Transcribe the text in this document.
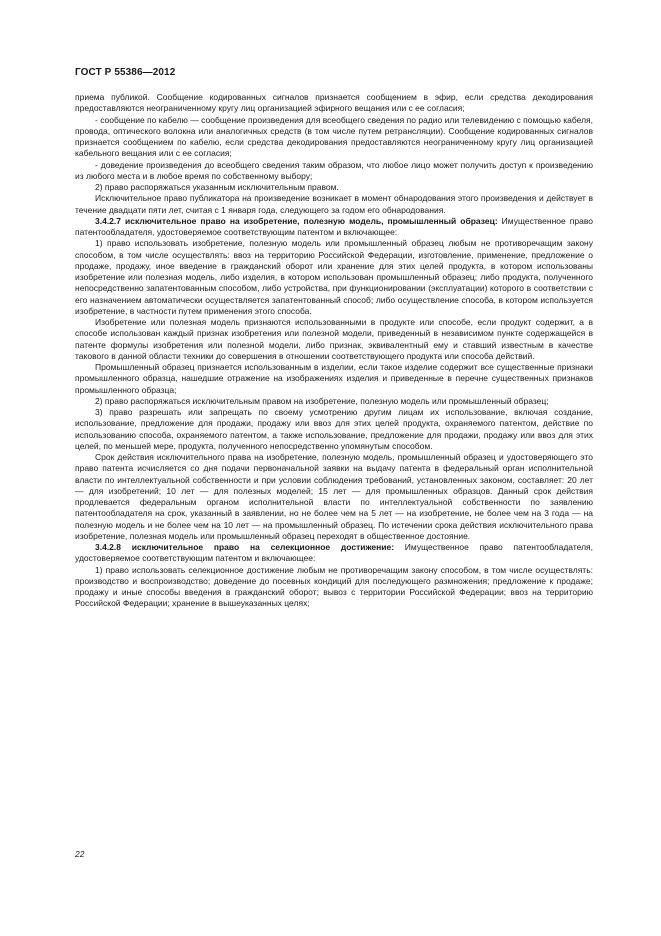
ГОСТ Р 55386—2012

приема публикой. Сообщение кодированных сигналов признается сообщением в эфир, если средства декодирования предоставляются неограниченному кругу лиц организацией эфирного вещания или с ее согласия;

- сообщение по кабелю — сообщение произведения для всеобщего сведения по радио или телевидению с помощью кабеля, провода, оптического волокна или аналогичных средств (в том числе путем ретрансляции). Сообщение кодированных сигналов признается сообщением по кабелю, если средства декодирования предоставляются неограниченному кругу лиц организацией кабельного вещания или с ее согласия;

- доведение произведения до всеобщего сведения таким образом, что любое лицо может получить доступ к произведению из любого места и в любое время по собственному выбору;

2) право распоряжаться указанным исключительным правом.

Исключительное право публикатора на произведение возникает в момент обнародования этого произведения и действует в течение двадцати пяти лет, считая с 1 января года, следующего за годом его обнародования.

3.4.2.7 исключительное право на изобретение, полезную модель, промышленный образец: Имущественное право патентообладателя, удостоверяемое соответствующим патентом и включающее:

1) право использовать изобретение, полезную модель или промышленный образец любым не противоречащим закону способом, в том числе осуществлять: ввоз на территорию Российской Федерации, изготовление, применение, предложение о продаже, продажу, иное введение в гражданский оборот или хранение для этих целей продукта, в котором использованы изобретение или полезная модель, либо изделия, в котором использован промышленный образец; либо продукта, полученного непосредственно запатентованным способом, либо устройства, при функционировании (эксплуатации) которого в соответствии с его назначением автоматически осуществляется запатентованный способ; либо осуществление способа, в котором используется изобретение, в частности путем применения этого способа.

Изобретение или полезная модель признаются использованными в продукте или способе, если продукт содержит, а в способе использован каждый признак изобретения или полезной модели, приведенный в независимом пункте содержащейся в патенте формулы изобретения или полезной модели, либо признак, эквивалентный ему и ставший известным в качестве такового в данной области техники до совершения в отношении соответствующего продукта или способа действий.

Промышленный образец признается использованным в изделии, если такое изделие содержит все существенные признаки промышленного образца, нашедшие отражение на изображениях изделия и приведенные в перечне существенных признаков промышленного образца;

2) право распоряжаться исключительным правом на изобретение, полезную модель или промышленный образец;

3) право разрешать или запрещать по своему усмотрению другим лицам их использование, включая создание, использование, предложение для продажи, продажу или ввоз для этих целей продукта, охраняемого патентом, действие по использованию способа, охраняемого патентом, а также использование, предложение для продажи, продажу или ввоз для этих целей, по меньшей мере, продукта, полученного непосредственно упомянутым способом.

Срок действия исключительного права на изобретение, полезную модель, промышленный образец и удостоверяющего это право патента исчисляется со дня подачи первоначальной заявки на выдачу патента в федеральный орган исполнительной власти по интеллектуальной собственности и при условии соблюдения требований, установленных законом, составляет: 20 лет — для изобретений; 10 лет — для полезных моделей; 15 лет — для промышленных образцов. Данный срок действия продлевается федеральным органом исполнительной власти по интеллектуальной собственности по заявлению патентообладателя на срок, указанный в заявлении, но не более чем на 5 лет — на изобретение, не более чем на 3 года — на полезную модель и не более чем на 10 лет — на промышленный образец. По истечении срока действия исключительного права изобретение, полезная модель или промышленный образец переходят в общественное достояние.

3.4.2.8 исключительное право на селекционное достижение: Имущественное право патентообладателя, удостоверяемое соответствующим патентом и включающее:

1) право использовать селекционное достижение любым не противоречащим закону способом, в том числе осуществлять: производство и воспроизводство; доведение до посевных кондиций для последующего размножения; предложение к продаже; продажу и иные способы введения в гражданский оборот; вывоз с территории Российской Федерации; ввоз на территорию Российской Федерации; хранение в вышеуказанных целях;

22
